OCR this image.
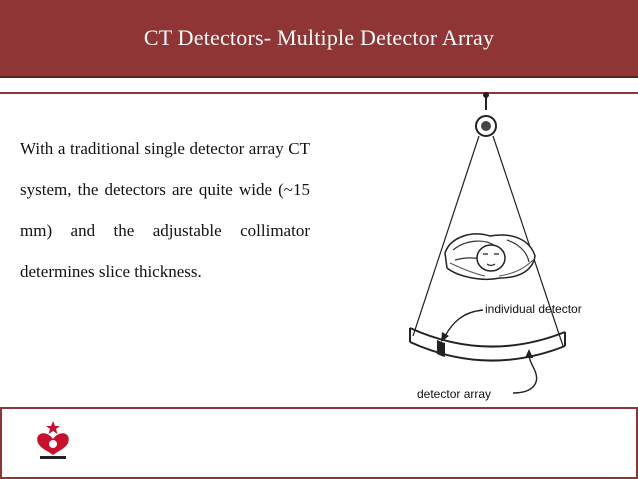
CT Detectors- Multiple Detector Array
With a traditional single detector array CT system, the detectors are quite wide (~15 mm) and the adjustable collimator determines slice thickness.
individual detector
detector array
